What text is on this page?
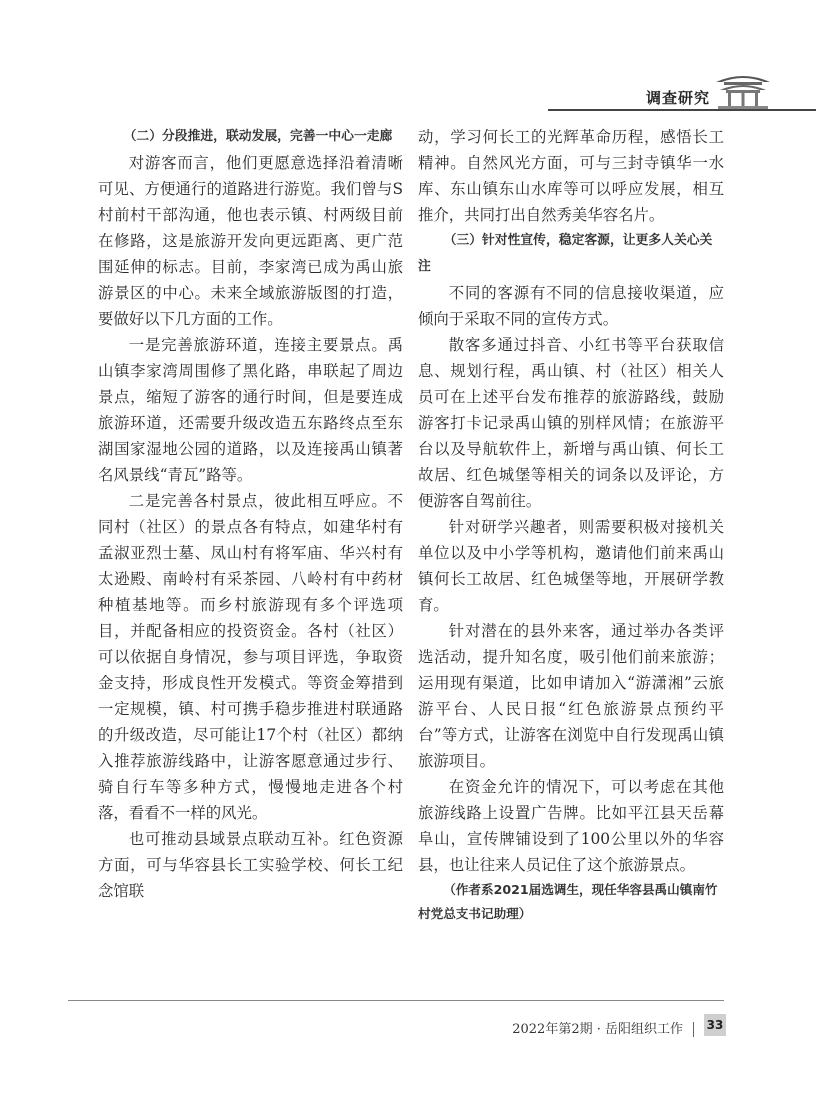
调查研究

（二）分段推进，联动发展，完善一中心一走廊

对游客而言，他们更愿意选择沿着清晰可见、方便通行的道路进行游览。我们曾与S村前村干部沟通，他也表示镇、村两级目前在修路，这是旅游开发向更远距离、更广范围延伸的标志。目前，李家湾已成为禹山旅游景区的中心。未来全域旅游版图的打造，要做好以下几方面的工作。

一是完善旅游环道，连接主要景点。禹山镇李家湾周围修了黑化路，串联起了周边景点，缩短了游客的通行时间，但是要连成旅游环道，还需要升级改造五东路终点至东湖国家湿地公园的道路，以及连接禹山镇著名风景线“青瓦”路等。

二是完善各村景点，彼此相互呼应。不同村（社区）的景点各有特点，如建华村有孟淑亚烈士墓、凤山村有将军庙、华兴村有太逊殿、南岭村有采茶园、八岭村有中药材种植基地等。而乡村旅游现有多个评选项目，并配备相应的投资资金。各村（社区）可以依据自身情况，参与项目评选，争取资金支持，形成良性开发模式。等资金筹措到一定规模，镇、村可携手稳步推进村联通路的升级改造，尽可能让17个村（社区）都纳入推荐旅游线路中，让游客愿意通过步行、骑自行车等多种方式，慢慢地走进各个村落，看看不一样的风光。

也可推动县域景点联动互补。红色资源方面，可与华容县长工实验学校、何长工纪念馆联

动，学习何长工的光辉革命历程，感悟长工精神。自然风光方面，可与三封寺镇华一水库、东山镇东山水库等可以呼应发展，相互推介，共同打出自然秀美华容名片。

（三）针对性宣传，稳定客源，让更多人关心关注

不同的客源有不同的信息接收渠道，应倾向于采取不同的宣传方式。

散客多通过抖音、小红书等平台获取信息、规划行程，禹山镇、村（社区）相关人员可在上述平台发布推荐的旅游路线，鼓励游客打卡记录禹山镇的别样风情；在旅游平台以及导航软件上，新增与禹山镇、何长工故居、红色城堡等相关的词条以及评论，方便游客自驾前往。

针对研学兴趣者，则需要积极对接机关单位以及中小学等机构，邀请他们前来禹山镇何长工故居、红色城堡等地，开展研学教育。

针对潜在的县外来客，通过举办各类评选活动，提升知名度，吸引他们前来旅游；运用现有渠道，比如申请加入“游潇湘”云旅游平台、人民日报“红色旅游景点预约平台”等方式，让游客在浏览中自行发现禹山镇旅游项目。

在资金允许的情况下，可以考虑在其他旅游线路上设置广告牌。比如平江县天岳幕阜山，宣传牌铺设到了100公里以外的华容县，也让往来人员记住了这个旅游景点。

（作者系2021届选调生，现任华容县禹山镇南竹村党总支书记助理）

2022年第2期 · 岳阳组织工作	33
